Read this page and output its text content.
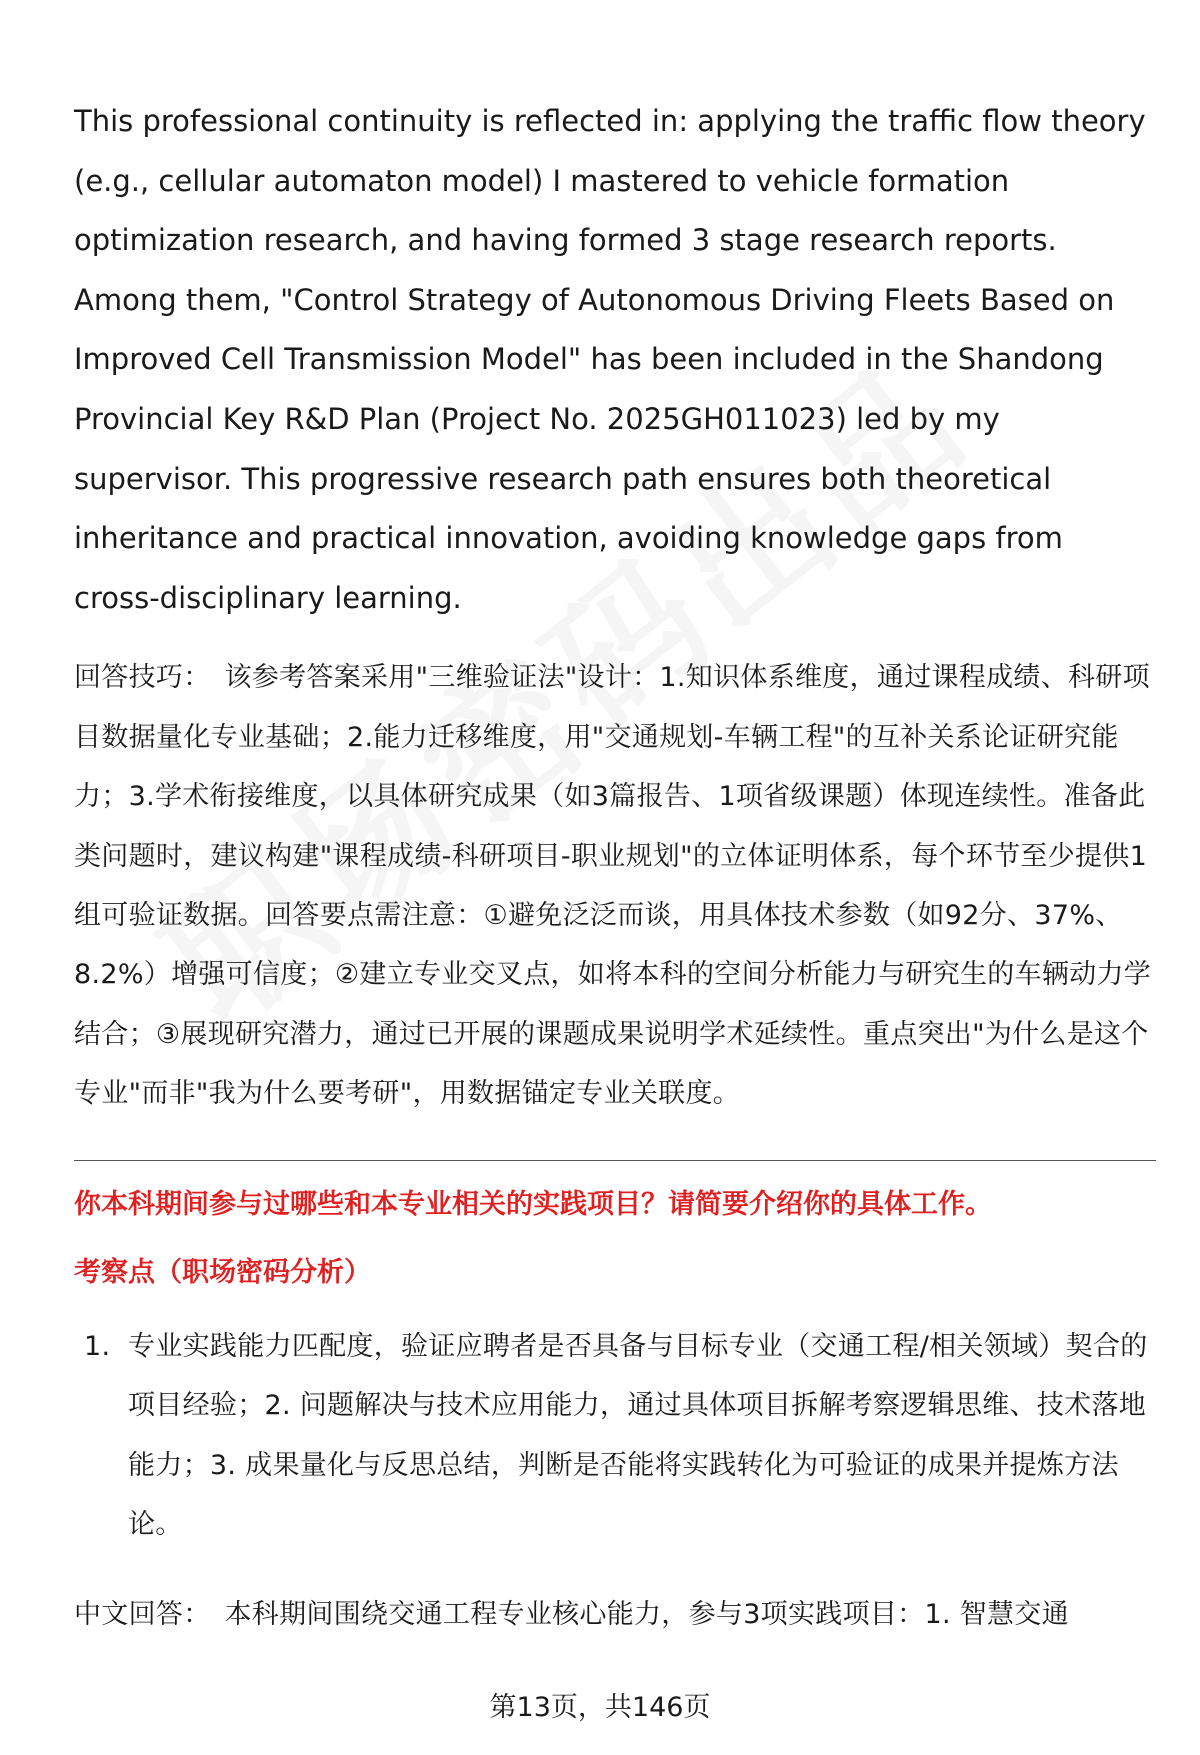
This professional continuity is reflected in: applying the traffic flow theory (e.g., cellular automaton model) I mastered to vehicle formation optimization research, and having formed 3 stage research reports. Among them, "Control Strategy of Autonomous Driving Fleets Based on Improved Cell Transmission Model" has been included in the Shandong Provincial Key R&D Plan (Project No. 2025GH011023) led by my supervisor. This progressive research path ensures both theoretical inheritance and practical innovation, avoiding knowledge gaps from cross-disciplinary learning.

回答技巧： 该参考答案采用"三维验证法"设计：1.知识体系维度，通过课程成绩、科研项目数据量化专业基础；2.能力迁移维度，用"交通规划-车辆工程"的互补关系论证研究能力；3.学术衔接维度，以具体研究成果（如3篇报告、1项省级课题）体现连续性。准备此类问题时，建议构建"课程成绩-科研项目-职业规划"的立体证明体系，每个环节至少提供1组可验证数据。回答要点需注意：①避免泛泛而谈，用具体技术参数（如92分、37%、8.2%）增强可信度；②建立专业交叉点，如将本科的空间分析能力与研究生的车辆动力学结合；③展现研究潜力，通过已开展的课题成果说明学术延续性。重点突出"为什么是这个专业"而非"我为什么要考研"，用数据锚定专业关联度。

你本科期间参与过哪些和本专业相关的实践项目？请简要介绍你的具体工作。
考察点（职场密码分析）
1. 专业实践能力匹配度，验证应聘者是否具备与目标专业（交通工程/相关领域）契合的项目经验；2. 问题解决与技术应用能力，通过具体项目拆解考察逻辑思维、技术落地能力；3. 成果量化与反思总结，判断是否能将实践转化为可验证的成果并提炼方法论。
中文回答： 本科期间围绕交通工程专业核心能力，参与3项实践项目：1. 智慧交通
第13页，共146页
